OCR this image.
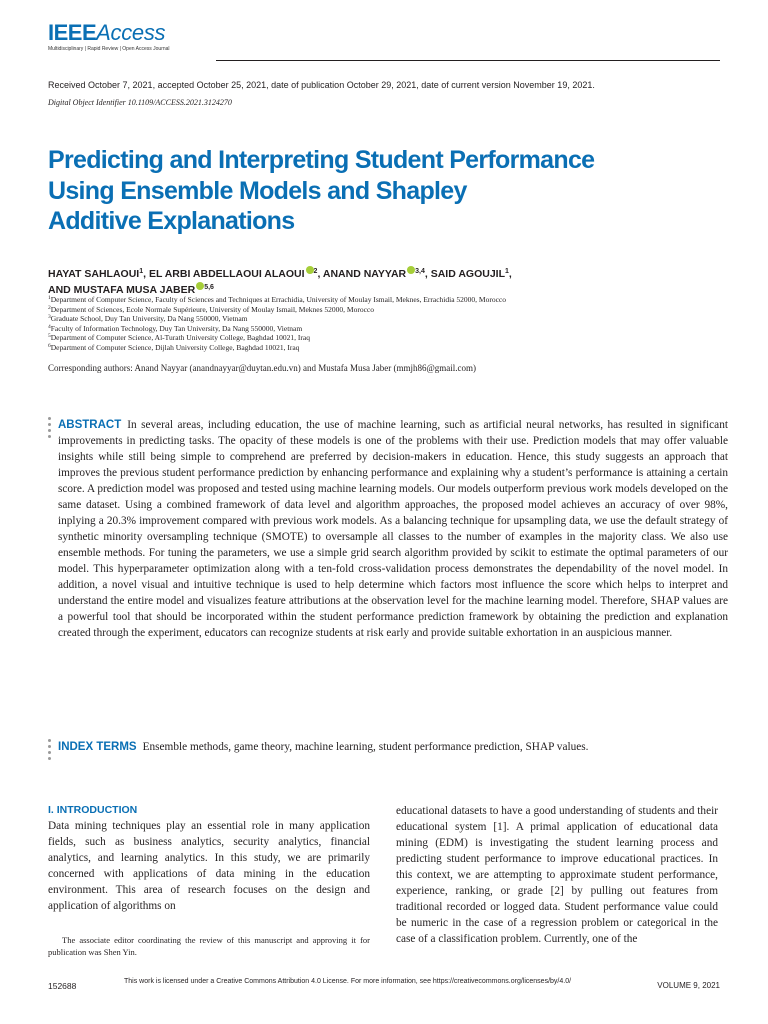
IEEEAccess
Multidisciplinary | Rapid Review | Open Access Journal
Received October 7, 2021, accepted October 25, 2021, date of publication October 29, 2021, date of current version November 19, 2021.
Digital Object Identifier 10.1109/ACCESS.2021.3124270
Predicting and Interpreting Student Performance
Using Ensemble Models and Shapley
Additive Explanations
HAYAT SAHLAOUI$^1$, EL ARBI ABDELLAOUI ALAOUI $^2$, ANAND NAYYAR $^{3,4}$, SAID AGOUJIL$^1$,
AND MUSTAFA MUSA JABER $^{5,6}$
$^1$Department of Computer Science, Faculty of Sciences and Techniques at Errachidia, University of Moulay Ismail, Meknes, Errachidia 52000, Morocco
$^2$Department of Sciences, Ecole Normale Supérieure, University of Moulay Ismail, Meknes 52000, Morocco
$^3$Graduate School, Duy Tan University, Da Nang 550000, Vietnam
$^4$Faculty of Information Technology, Duy Tan University, Da Nang 550000, Vietnam
$^5$Department of Computer Science, Al-Turath University College, Baghdad 10021, Iraq
$^6$Department of Computer Science, Dijlah University College, Baghdad 10021, Iraq
Corresponding authors: Anand Nayyar (anandnayyar@duytan.edu.vn) and Mustafa Musa Jaber (mmjh86@gmail.com)
ABSTRACT In several areas, including education, the use of machine learning, such as artificial neural networks, has resulted in significant improvements in predicting tasks. The opacity of these models is one of the problems with their use. Prediction models that may offer valuable insights while still being simple to comprehend are preferred by decision-makers in education. Hence, this study suggests an approach that improves the previous student performance prediction by enhancing performance and explaining why a student’s performance is attaining a certain score. A prediction model was proposed and tested using machine learning models. Our models outperform previous work models developed on the same dataset. Using a combined framework of data level and algorithm approaches, the proposed model achieves an accuracy of over 98%, inplying a 20.3% improvement compared with previous work models. As a balancing technique for upsampling data, we use the default strategy of synthetic minority oversampling technique (SMOTE) to oversample all classes to the number of examples in the majority class. We also use ensemble methods. For tuning the parameters, we use a simple grid search algorithm provided by scikit to estimate the optimal parameters of our model. This hyperparameter optimization along with a ten-fold cross-validation process demonstrates the dependability of the novel model. In addition, a novel visual and intuitive technique is used to help determine which factors most influence the score which helps to interpret and understand the entire model and visualizes feature attributions at the observation level for the machine learning model. Therefore, SHAP values are a powerful tool that should be incorporated within the student performance prediction framework by obtaining the prediction and explanation created through the experiment, educators can recognize students at risk early and provide suitable exhortation in an auspicious manner.
INDEX TERMS Ensemble methods, game theory, machine learning, student performance prediction, SHAP values.
I. INTRODUCTION

Data mining techniques play an essential role in many application fields, such as business analytics, security analytics, financial analytics, and learning analytics. In this study, we are primarily concerned with applications of data mining in the education environment. This area of research focuses on the design and application of algorithms on

The associate editor coordinating the review of this manuscript and approving it for publication was Shen Yin.
educational datasets to have a good understanding of students and their educational system [1]. A primal application of educational data mining (EDM) is investigating the student learning process and predicting student performance to improve educational practices. In this context, we are attempting to approximate student performance, experience, ranking, or grade [2] by pulling out features from traditional recorded or logged data. Student performance value could be numeric in the case of a regression problem or categorical in the case of a classification problem. Currently, one of the
152688	This work is licensed under a Creative Commons Attribution 4.0 License. For more information, see https://creativecommons.org/licenses/by/4.0/	VOLUME 9, 2021
